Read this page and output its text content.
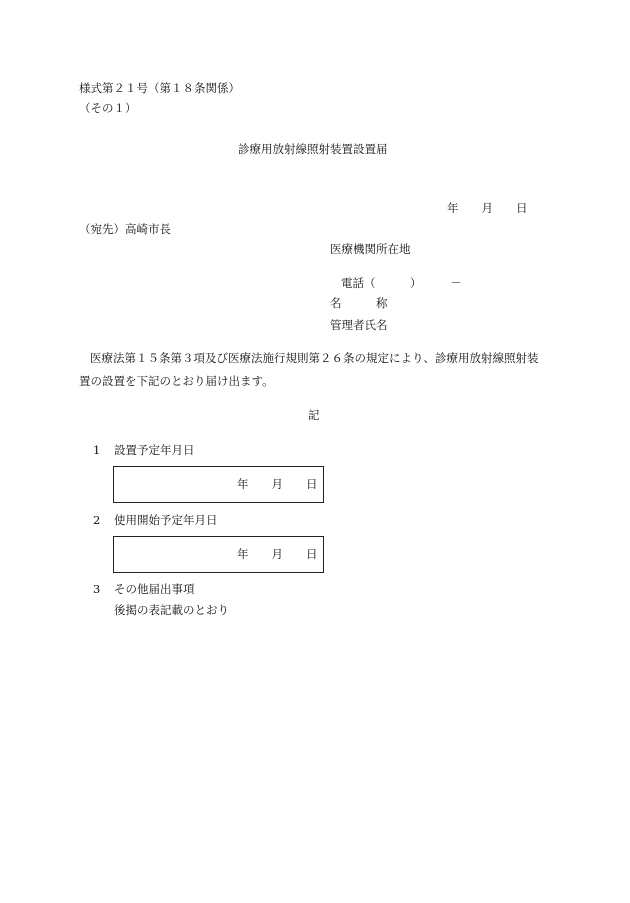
様式第２１号（第１８条関係）
（その１）
診療用放射線照射装置設置届
年　　月　　日
（宛先）高崎市長
医療機関所在地
電話（　　　）　　　－
名　　　称
管理者氏名
医療法第１５条第３項及び医療法施行規則第２６条の規定により、診療用放射線照射装
置の設置を下記のとおり届け出ます。
記
1 設置予定年月日
年　　月　　日
2 使用開始予定年月日
年　　月　　日
3 その他届出事項
後掲の表記載のとおり
